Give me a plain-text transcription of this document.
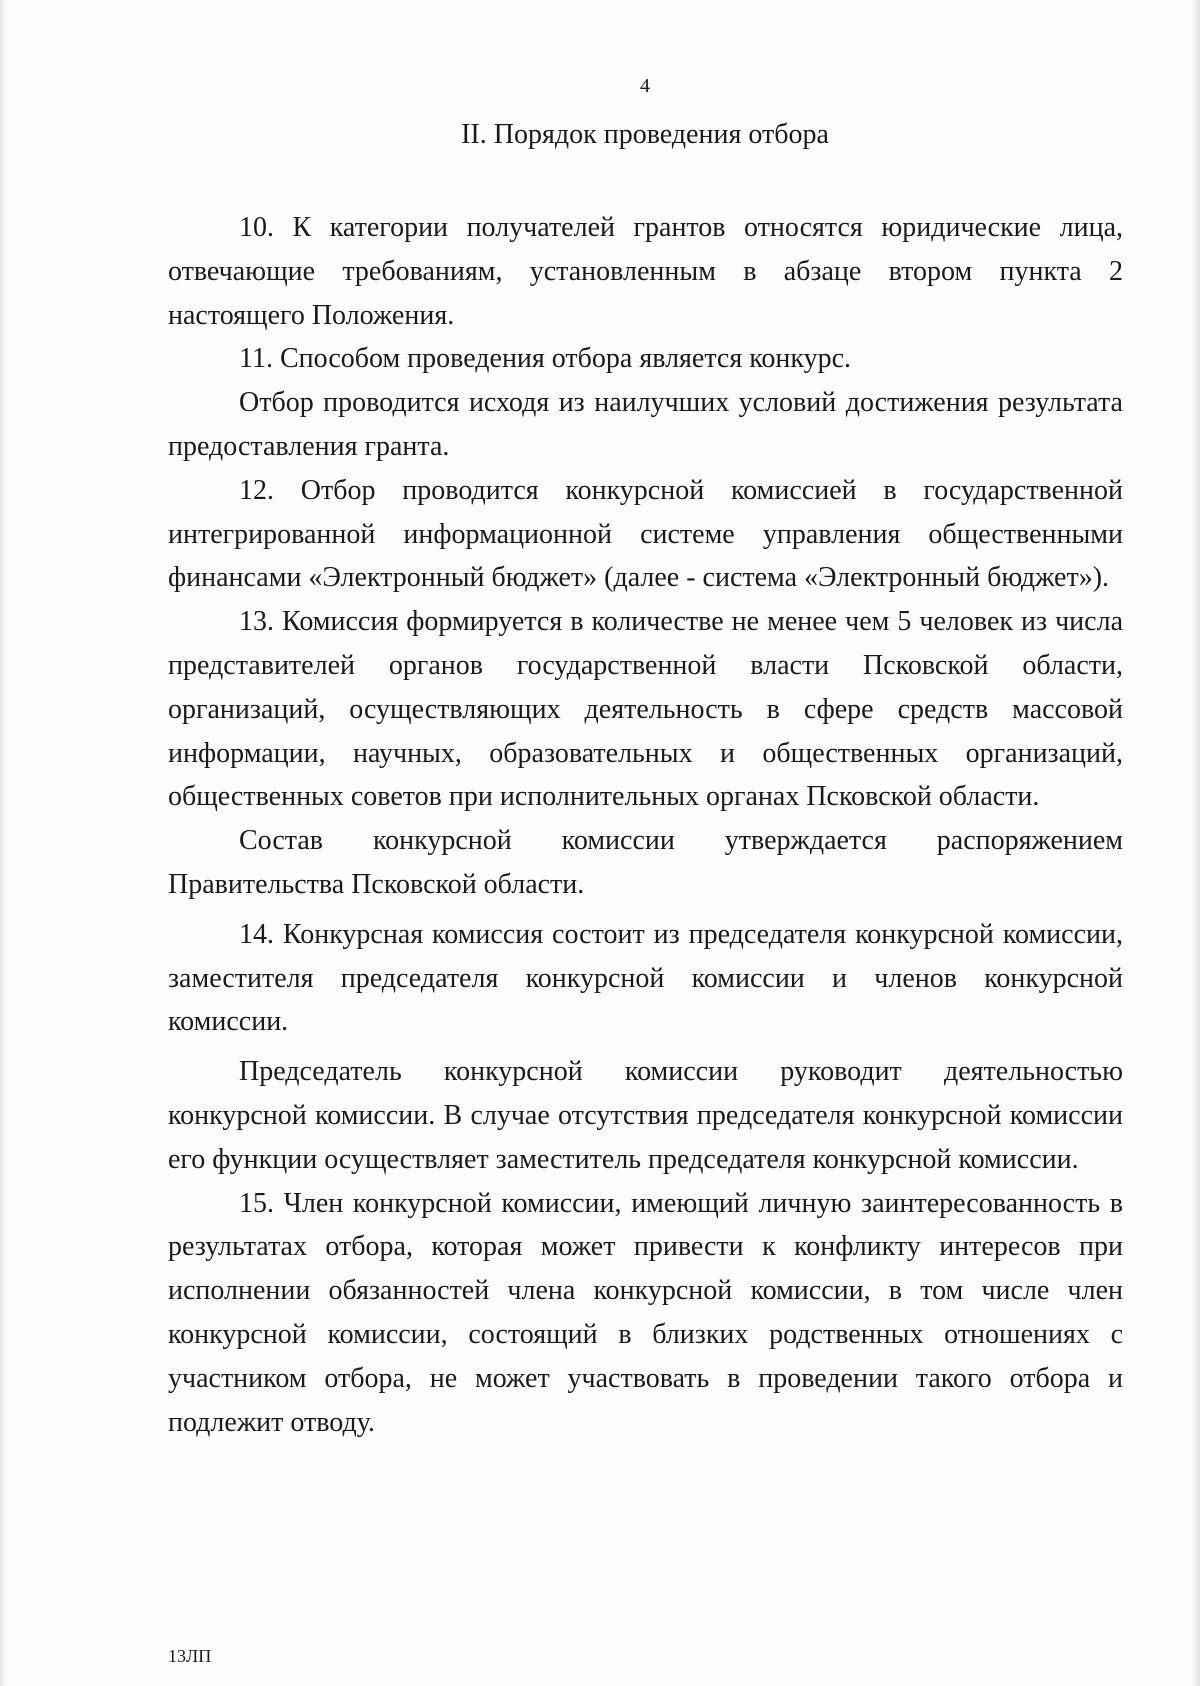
4
II. Порядок проведения отбора

10. К категории получателей грантов относятся юридические лица, отвечающие требованиям, установленным в абзаце втором пункта 2 настоящего Положения.

11. Способом проведения отбора является конкурс.

Отбор проводится исходя из наилучших условий достижения результата предоставления гранта.

12. Отбор проводится конкурсной комиссией в государственной интегрированной информационной системе управления общественными финансами «Электронный бюджет» (далее - система «Электронный бюджет»).

13. Комиссия формируется в количестве не менее чем 5 человек из числа представителей органов государственной власти Псковской области, организаций, осуществляющих деятельность в сфере средств массовой информации, научных, образовательных и общественных организаций, общественных советов при исполнительных органах Псковской области.

Состав конкурсной комиссии утверждается распоряжением Правительства Псковской области.

14. Конкурсная комиссия состоит из председателя конкурсной комиссии, заместителя председателя конкурсной комиссии и членов конкурсной комиссии.

Председатель конкурсной комиссии руководит деятельностью конкурсной комиссии. В случае отсутствия председателя конкурсной комиссии его функции осуществляет заместитель председателя конкурсной комиссии.

15. Член конкурсной комиссии, имеющий личную заинтересованность в результатах отбора, которая может привести к конфликту интересов при исполнении обязанностей члена конкурсной комиссии, в том числе член  конкурсной комиссии, состоящий в близких родственных отношениях с участником отбора, не может участвовать в проведении такого отбора и подлежит отводу.

13ЛП
